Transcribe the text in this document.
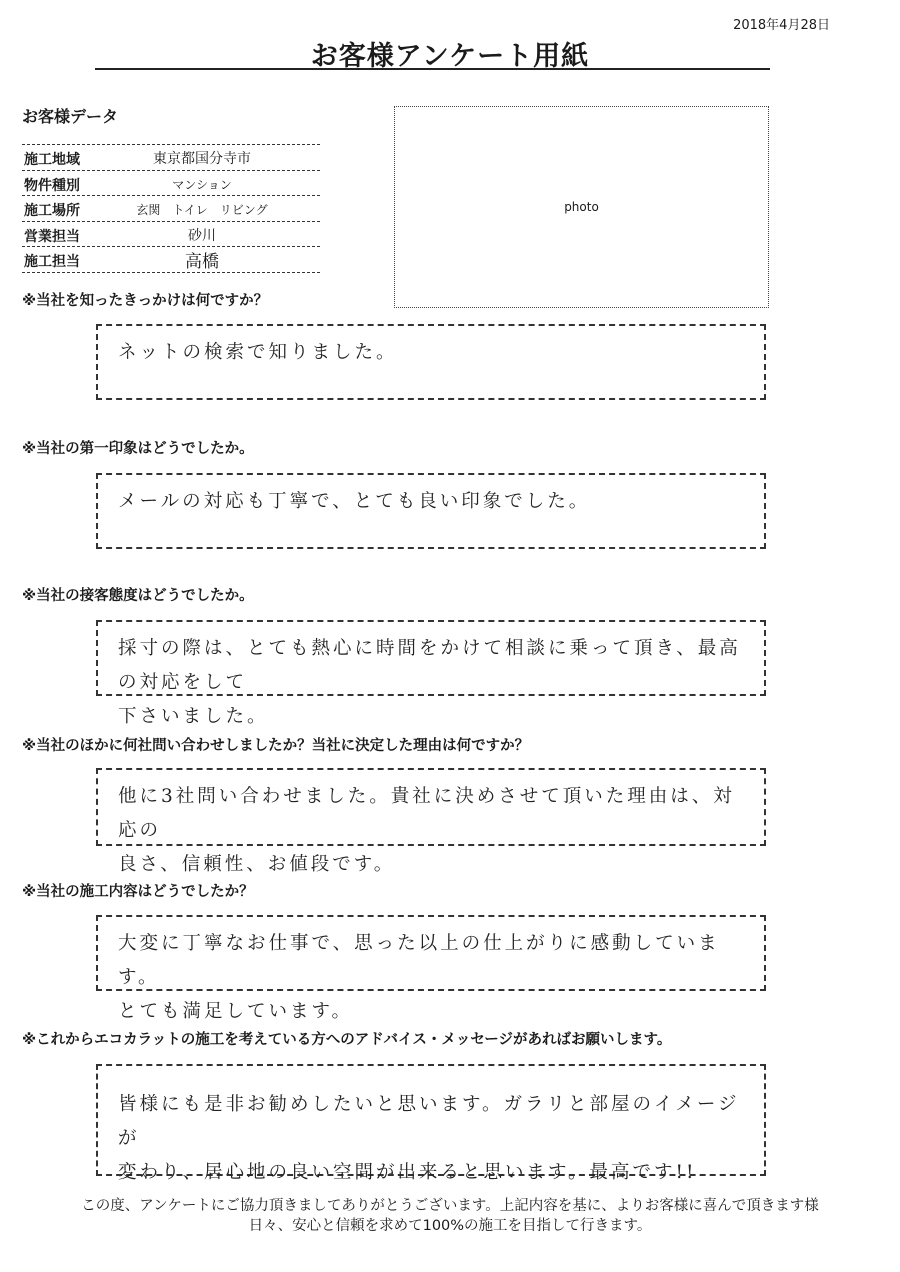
2018年4月28日
お客様アンケート用紙
お客様データ
施工地域	東京都国分寺市
物件種別	マンション
施工場所	玄関　トイレ　リビング
営業担当	砂川
施工担当	高橋
photo
※当社を知ったきっかけは何ですか？
ネットの検索で知りました。
※当社の第一印象はどうでしたか。
メールの対応も丁寧で、とても良い印象でした。
※当社の接客態度はどうでしたか。
採寸の際は、とても熱心に時間をかけて相談に乗って頂き、最高の対応をして
下さいました。
※当社のほかに何社問い合わせしましたか？当社に決定した理由は何ですか？
他に3社問い合わせました。貴社に決めさせて頂いた理由は、対応の
良さ、信頼性、お値段です。
※当社の施工内容はどうでしたか？
大変に丁寧なお仕事で、思った以上の仕上がりに感動しています。
とても満足しています。
※これからエコカラットの施工を考えている方へのアドバイス・メッセージがあればお願いします。
皆様にも是非お勧めしたいと思います。ガラリと部屋のイメージが
変わり、居心地の良い空間が出来ると思います。最高です!!
この度、アンケートにご協力頂きましてありがとうございます。上記内容を基に、よりお客様に喜んで頂きます様
日々、安心と信頼を求めて100%の施工を目指して行きます。
